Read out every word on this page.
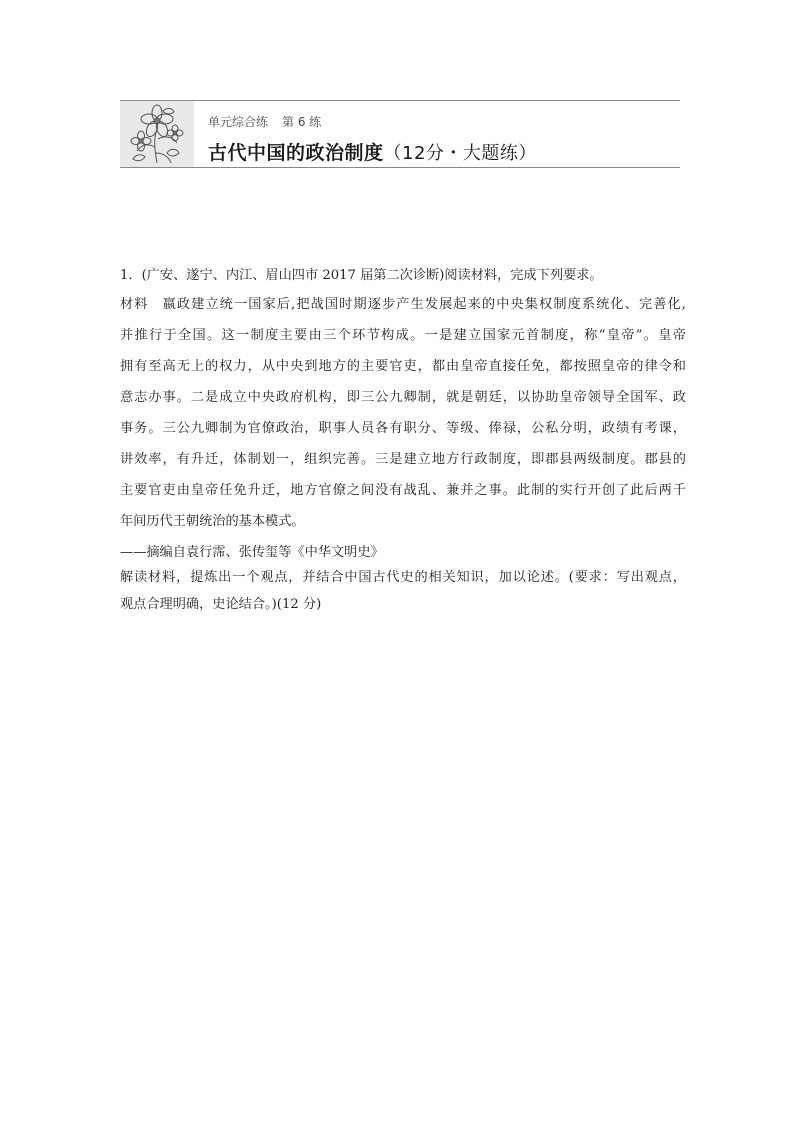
单元综合练 第 6 练
古代中国的政治制度（12分・大题练）
1．(广安、遂宁、内江、眉山四市 2017 届第二次诊断)阅读材料，完成下列要求。
材料 嬴政建立统一国家后,把战国时期逐步产生发展起来的中央集权制度系统化、完善化,
并推行于全国。这一制度主要由三个环节构成。一是建立国家元首制度，称“皇帝”。皇帝
拥有至高无上的权力，从中央到地方的主要官吏，都由皇帝直接任免，都按照皇帝的律令和
意志办事。二是成立中央政府机构，即三公九卿制，就是朝廷，以协助皇帝领导全国军、政
事务。三公九卿制为官僚政治，职事人员各有职分、等级、俸禄，公私分明，政绩有考课，
讲效率，有升迁，体制划一，组织完善。三是建立地方行政制度，即郡县两级制度。郡县的
主要官吏由皇帝任免升迁，地方官僚之间没有战乱、兼并之事。此制的实行开创了此后两千
年间历代王朝统治的基本模式。
——摘编自袁行霈、张传玺等《中华文明史》
解读材料，提炼出一个观点，并结合中国古代史的相关知识，加以论述。(要求：写出观点，
观点合理明确，史论结合。)(12 分)
